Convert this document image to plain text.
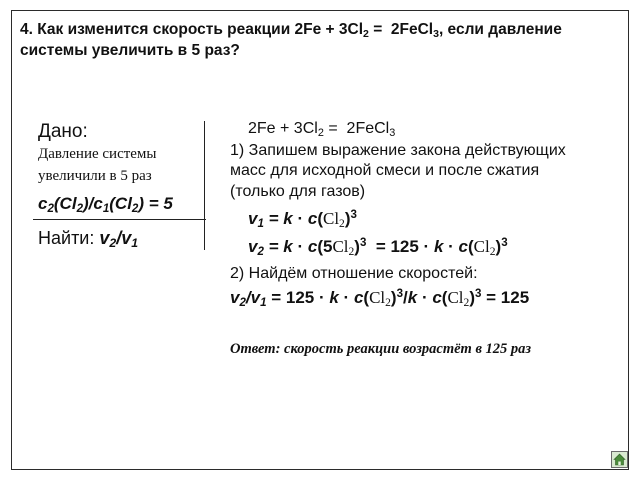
4. Как изменится скорость реакции $2Fe + 3Cl_2$ =  2FeCl$_3$, если давление
системы увеличить в 5 раз?
Дано:
Давление системы
увеличили в 5 раз
$c_2(Cl_2)/c_1(Cl_2) = 5$
Найти: $v_2/v_1$
$2Fe + 3Cl_2$ =  2FeCl$_3$
1) Запишем выражение закона действующих
масс для исходной смеси и после сжатия
(только для газов)
$v_1 = k \cdot c(Cl_2)^3$
$v_2 = k \cdot c(5Cl_2)^3 = 125 \cdot k \cdot c(Cl_2)^3$
2) Найдём отношение скоростей:
$v_2/v_1 = 125 \cdot k \cdot c(Cl_2)^3/k \cdot c(Cl_2)^3 = 125$
Ответ: скорость реакции возрастёт в 125 раз
